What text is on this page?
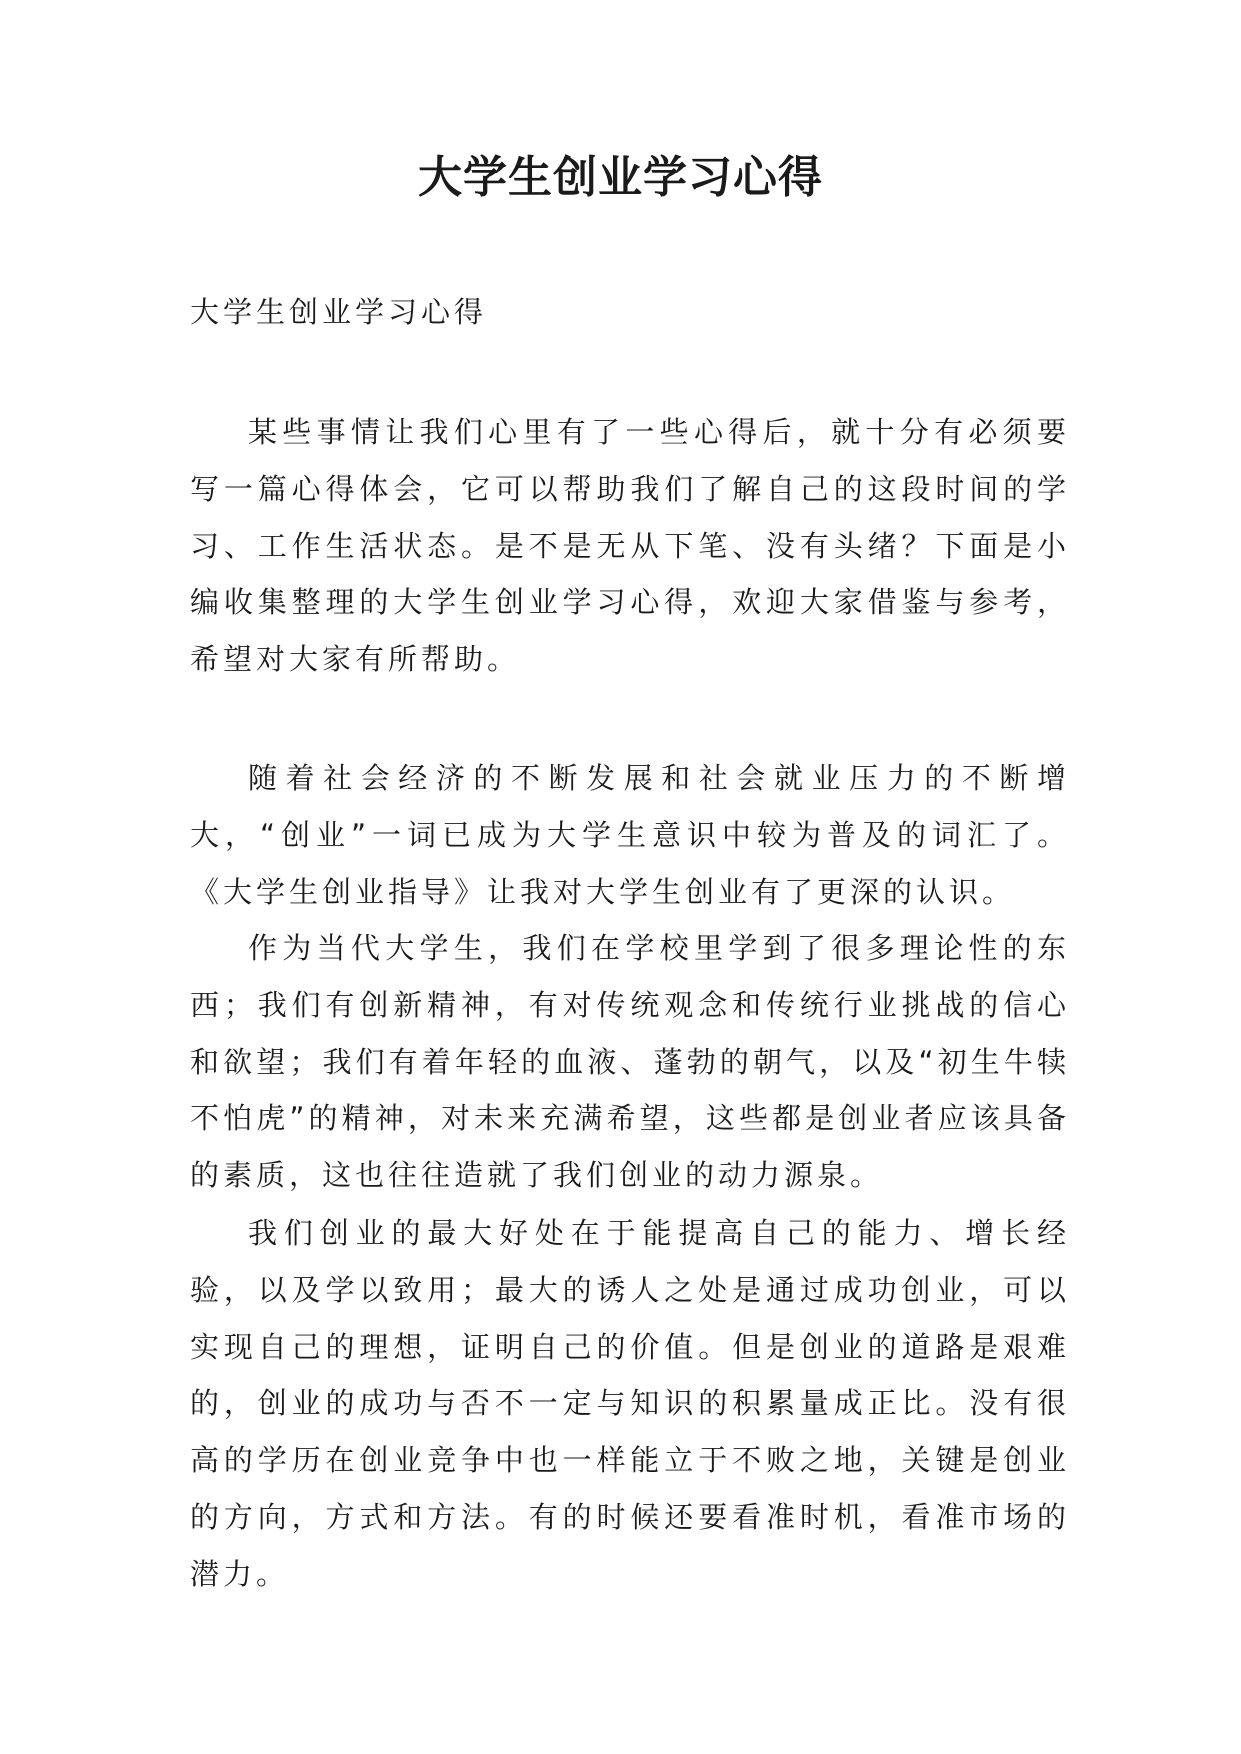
大学生创业学习心得

大学生创业学习心得

某些事情让我们心里有了一些心得后，就十分有必须要写一篇心得体会，它可以帮助我们了解自己的这段时间的学习、工作生活状态。是不是无从下笔、没有头绪？下面是小编收集整理的大学生创业学习心得，欢迎大家借鉴与参考，希望对大家有所帮助。

随着社会经济的不断发展和社会就业压力的不断增大，“创业”一词已成为大学生意识中较为普及的词汇了。《大学生创业指导》让我对大学生创业有了更深的认识。

作为当代大学生，我们在学校里学到了很多理论性的东西；我们有创新精神，有对传统观念和传统行业挑战的信心和欲望；我们有着年轻的血液、蓬勃的朝气，以及“初生牛犊不怕虎”的精神，对未来充满希望，这些都是创业者应该具备的素质，这也往往造就了我们创业的动力源泉。

我们创业的最大好处在于能提高自己的能力、增长经验，以及学以致用；最大的诱人之处是通过成功创业，可以实现自己的理想，证明自己的价值。但是创业的道路是艰难的，创业的成功与否不一定与知识的积累量成正比。没有很高的学历在创业竞争中也一样能立于不败之地，关键是创业的方向，方式和方法。有的时候还要看准时机，看准市场的潜力。
